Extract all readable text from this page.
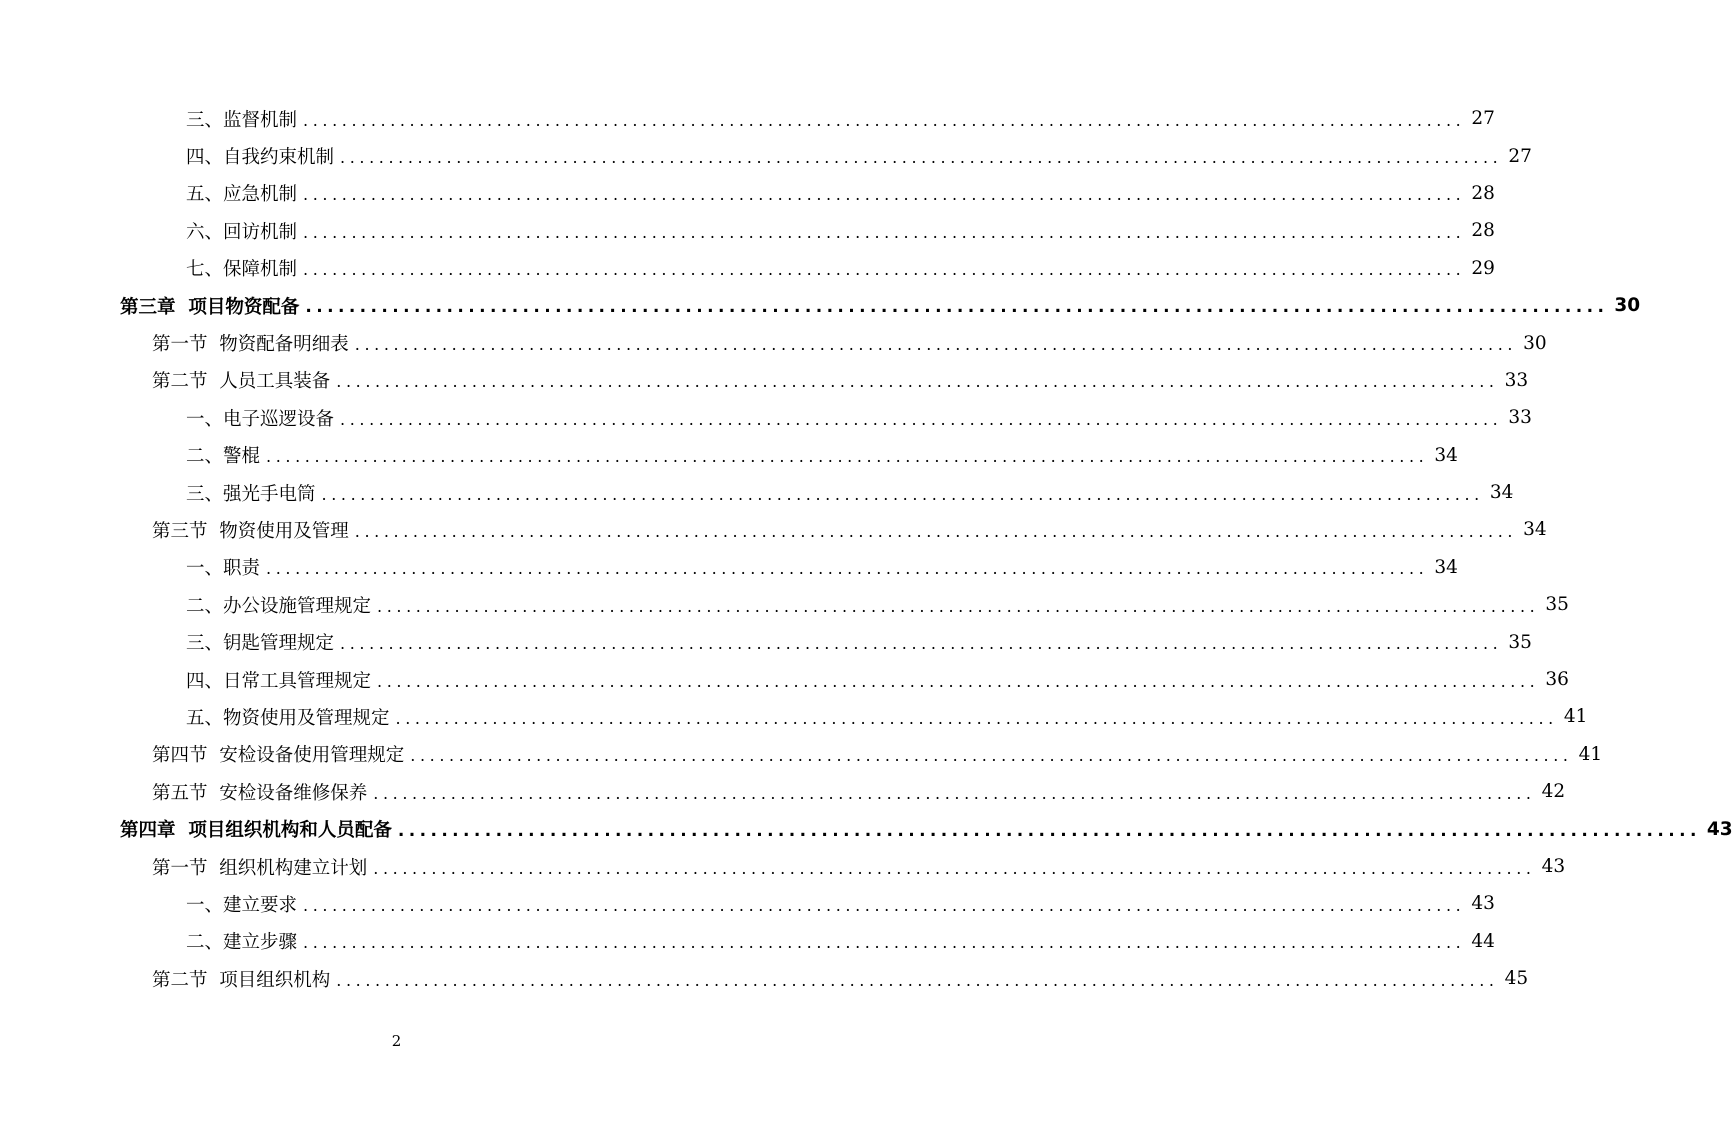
三、监督机制 ........................................................................................................................ 27
四、自我约束机制 ........................................................................................................................ 27
五、应急机制 ........................................................................................................................ 28
六、回访机制 ........................................................................................................................ 28
七、保障机制 ........................................................................................................................ 29
第三章  项目物资配备 ........................................................................................................................ 30
第一节  物资配备明细表 ........................................................................................................................ 30
第二节  人员工具装备 ........................................................................................................................ 33
一、电子巡逻设备 ........................................................................................................................ 33
二、警棍 ........................................................................................................................ 34
三、强光手电筒 ........................................................................................................................ 34
第三节  物资使用及管理 ........................................................................................................................ 34
一、职责 ........................................................................................................................ 34
二、办公设施管理规定 ........................................................................................................................ 35
三、钥匙管理规定 ........................................................................................................................ 35
四、日常工具管理规定 ........................................................................................................................ 36
五、物资使用及管理规定 ........................................................................................................................ 41
第四节  安检设备使用管理规定 ........................................................................................................................ 41
第五节  安检设备维修保养 ........................................................................................................................ 42
第四章  项目组织机构和人员配备 ........................................................................................................................ 43
第一节  组织机构建立计划 ........................................................................................................................ 43
一、建立要求 ........................................................................................................................ 43
二、建立步骤 ........................................................................................................................ 44
第二节  项目组织机构 ........................................................................................................................ 45
2
